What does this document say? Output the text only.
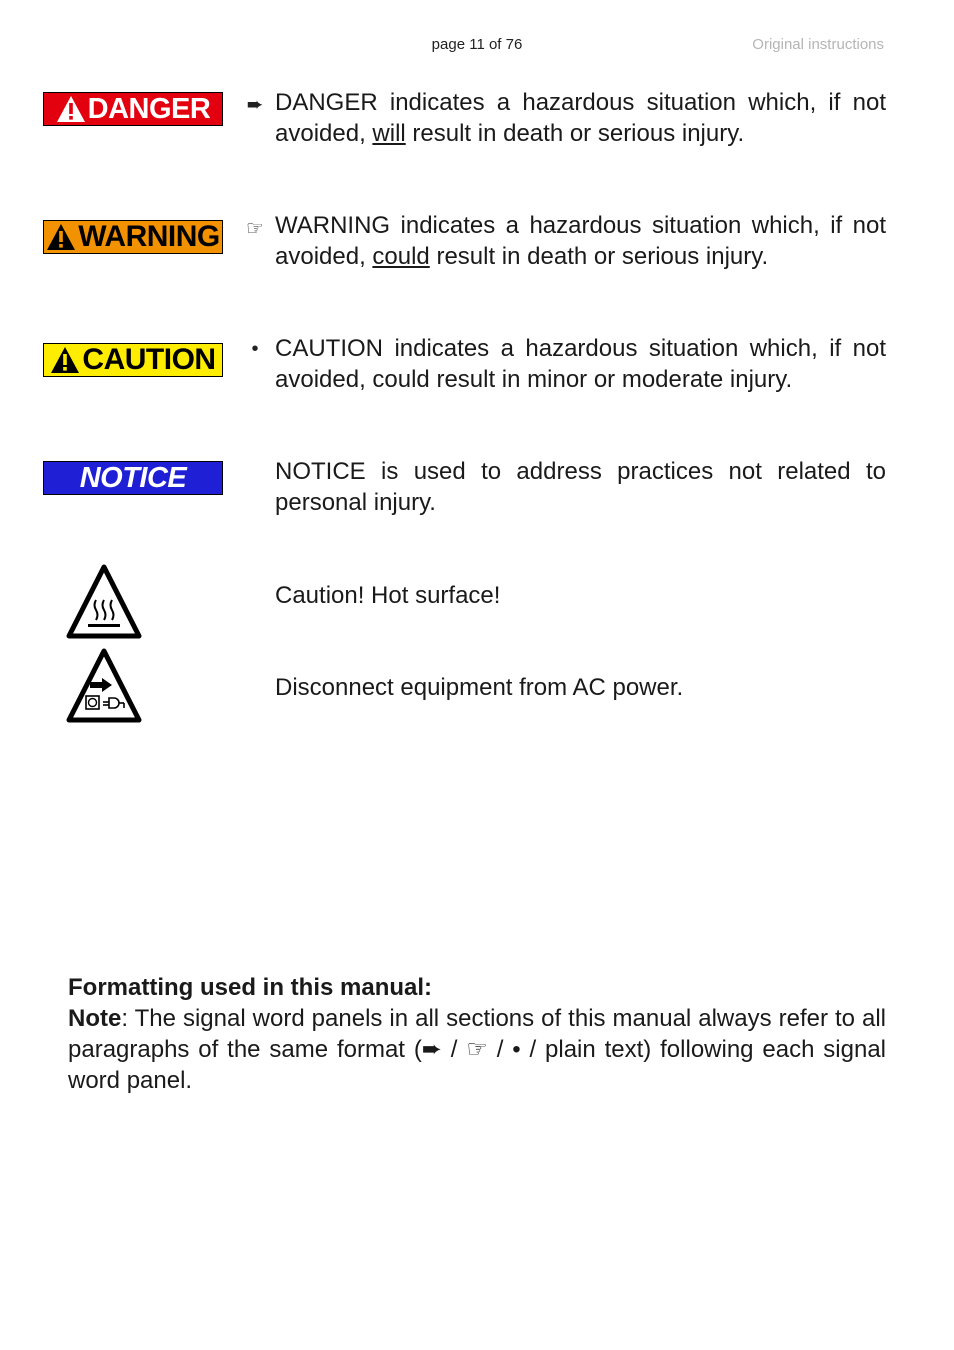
page 11 of 76	Original instructions
DANGER ➨ DANGER indicates a hazardous situation which, if not avoided, will result in death or serious injury.
WARNING ☞ WARNING indicates a hazardous situation which, if not avoided, could result in death or serious injury.
CAUTION	• CAUTION indicates a hazardous situation which, if not avoided, could result in minor or moderate injury.
NOTICE	NOTICE is used to address practices not related to personal injury.
Caution! Hot surface!
Disconnect equipment from AC power.
Formatting used in this manual:
Note: The signal word panels in all sections of this manual always refer to all paragraphs of the same format (➨ / ☞ / • / plain text) following each signal word panel.
